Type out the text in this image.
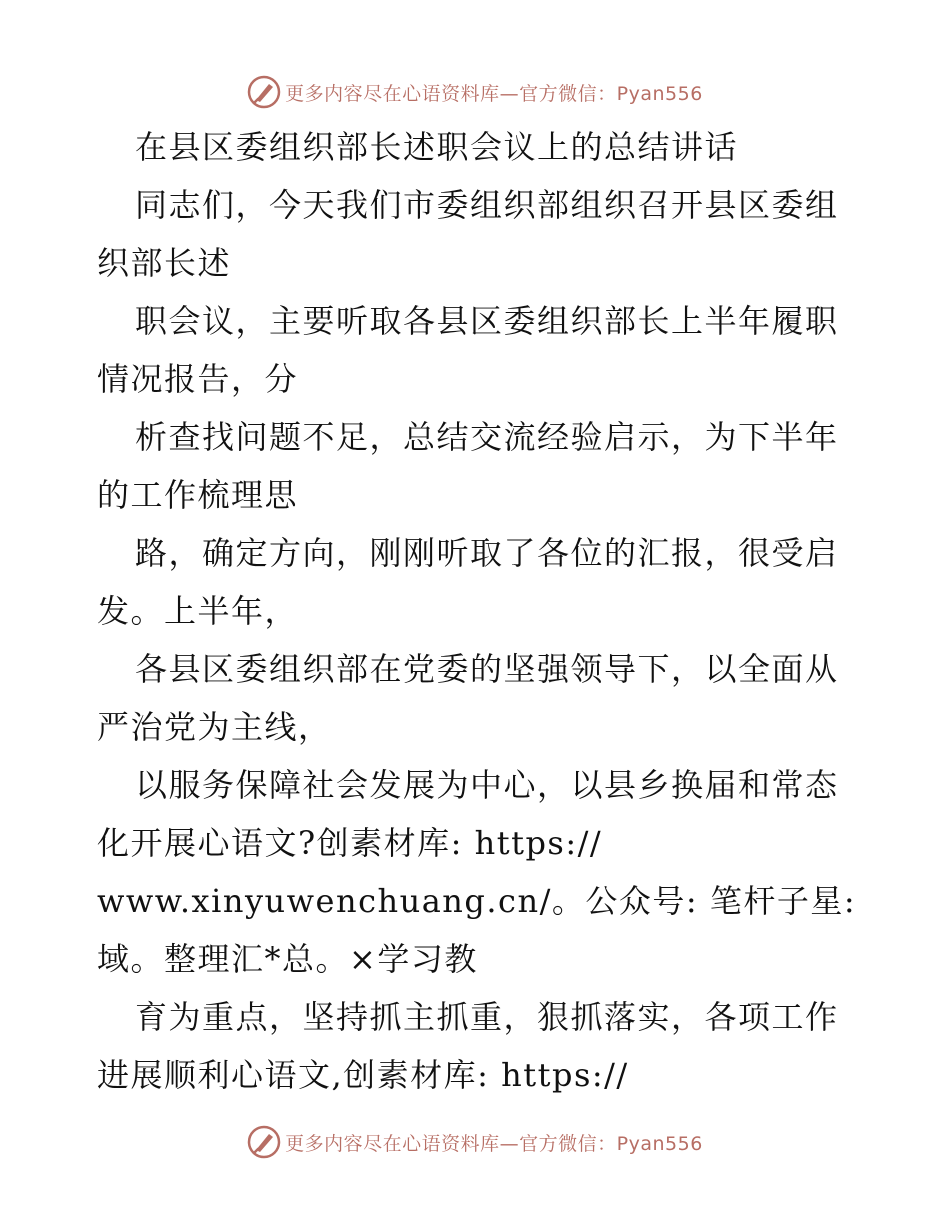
更多内容尽在心语资料库—官方微信：Pyan556
在县区委组织部长述职会议上的总结讲话
同志们，今天我们市委组织部组织召开县区委组
织部长述
职会议，主要听取各县区委组织部长上半年履职
情况报告，分
析查找问题不足，总结交流经验启示，为下半年
的工作梳理思
路，确定方向，刚刚听取了各位的汇报，很受启
发。上半年，
各县区委组织部在党委的坚强领导下，以全面从
严治党为主线，
以服务保障社会发展为中心，以县乡换届和常态
化开展心语文?创素材库: https://
www.xinyuwenchuang.cn/。公众号: 笔杆子星:
域。整理汇*总。×学习教
育为重点，坚持抓主抓重，狠抓落实，各项工作
进展顺利心语文,创素材库: https://
更多内容尽在心语资料库—官方微信：Pyan556
